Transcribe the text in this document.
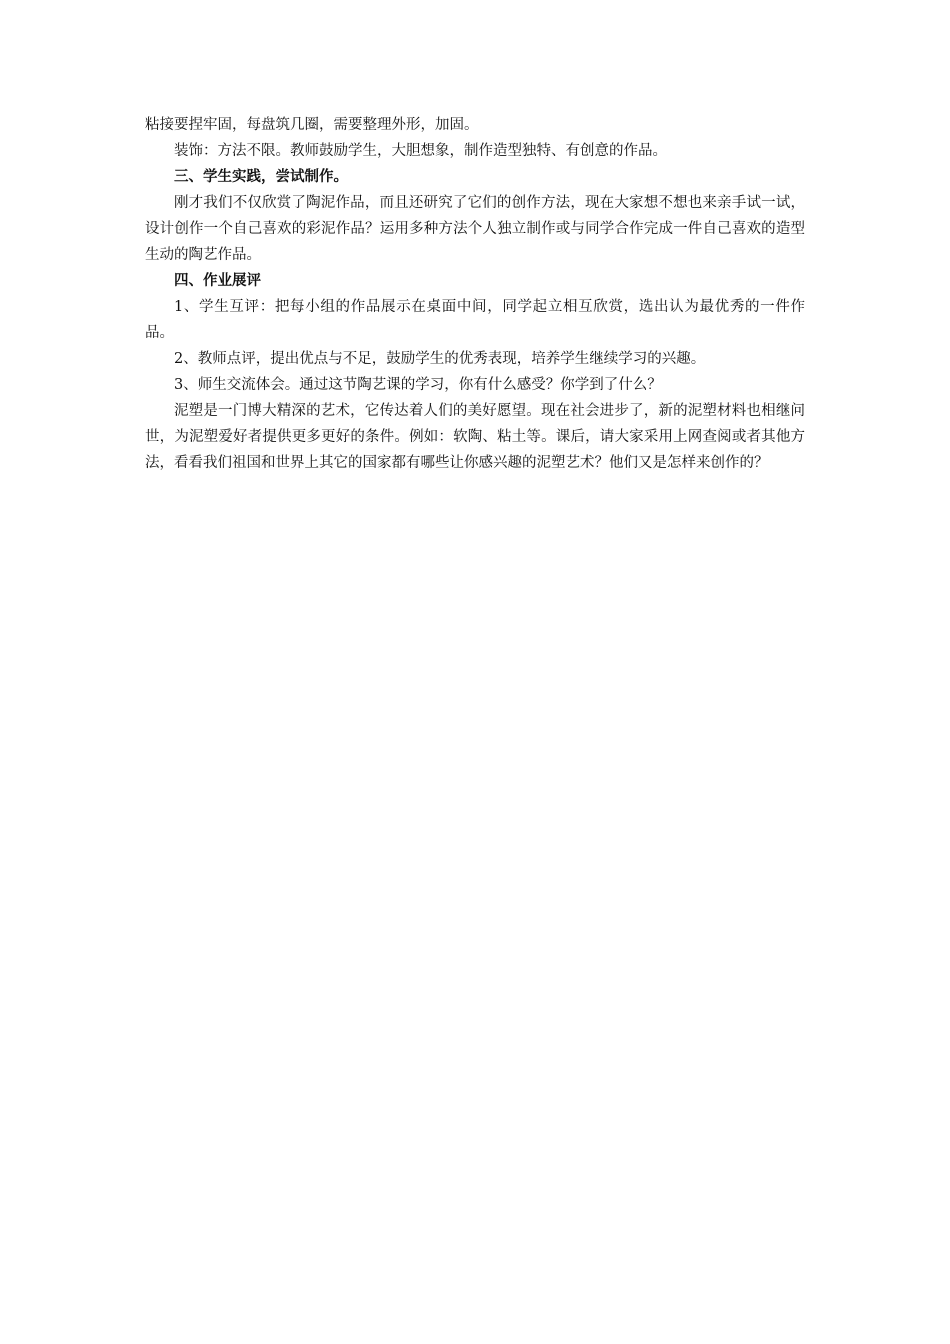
粘接要捏牢固，每盘筑几圈，需要整理外形，加固。

装饰：方法不限。教师鼓励学生，大胆想象，制作造型独特、有创意的作品。

三、学生实践，尝试制作。

刚才我们不仅欣赏了陶泥作品，而且还研究了它们的创作方法，现在大家想不想也来亲手试一试，设计创作一个自己喜欢的彩泥作品？运用多种方法个人独立制作或与同学合作完成一件自己喜欢的造型生动的陶艺作品。

四、作业展评

1、学生互评：把每小组的作品展示在桌面中间，同学起立相互欣赏，选出认为最优秀的一件作品。

2、教师点评，提出优点与不足，鼓励学生的优秀表现，培养学生继续学习的兴趣。

3、师生交流体会。通过这节陶艺课的学习，你有什么感受？你学到了什么？

泥塑是一门博大精深的艺术，它传达着人们的美好愿望。现在社会进步了，新的泥塑材料也相继问世，为泥塑爱好者提供更多更好的条件。例如：软陶、粘土等。课后，请大家采用上网查阅或者其他方法，看看我们祖国和世界上其它的国家都有哪些让你感兴趣的泥塑艺术？他们又是怎样来创作的？
